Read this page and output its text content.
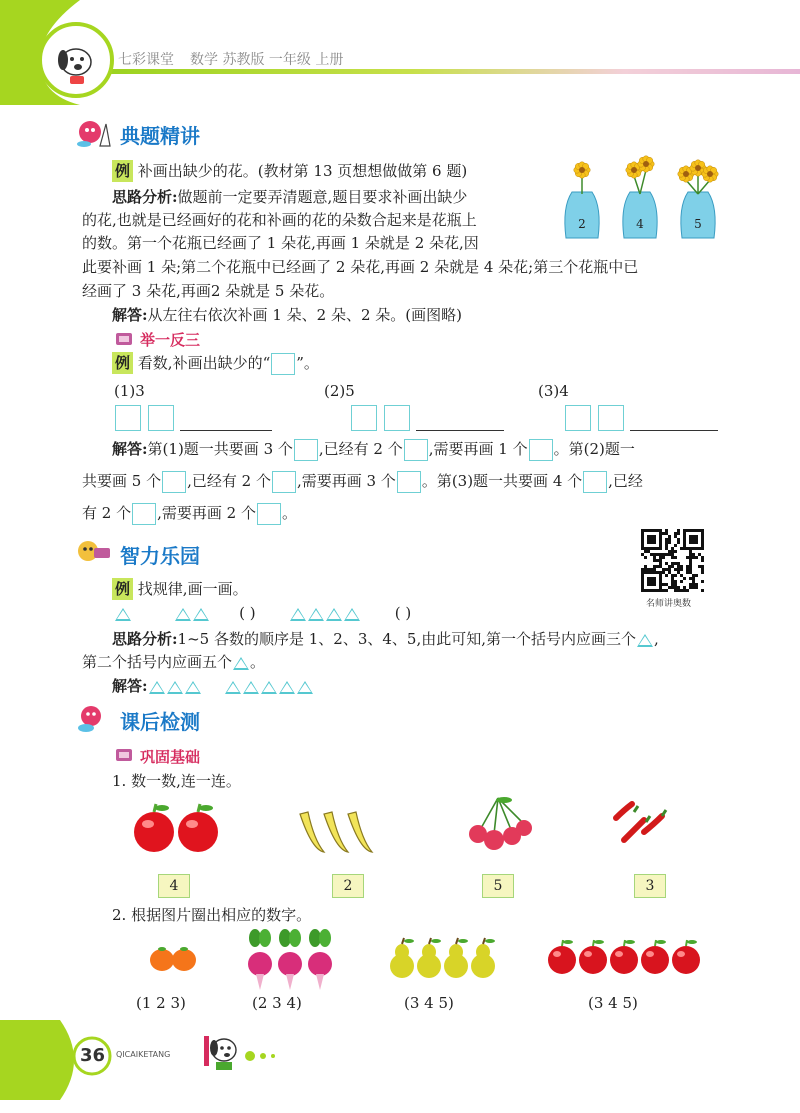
七彩课堂 数学 苏教版 一年级 上册
典题精讲
例 补画出缺少的花。(教材第 13 页想想做做第 6 题)
思路分析:做题前一定要弄清题意,题目要求补画出缺少
的花,也就是已经画好的花和补画的花的朵数合起来是花瓶上
的数。第一个花瓶已经画了 1 朵花,再画 1 朵就是 2 朵花,因
此要补画 1 朵;第二个花瓶中已经画了 2 朵花,再画 2 朵就是 4 朵花;第三个花瓶中已
经画了 3 朵花,再画2 朵就是 5 朵花。
解答:从左往右依次补画 1 朵、2 朵、2 朵。(画图略)
2	4	5
举一反三
例 看数,补画出缺少的“ ”。
(1)3	(2)5	(3)4

解答:第(1)题一共要画 3 个 ,已经有 2 个 ,需要再画 1 个 。第(2)题一
共要画 5 个 ,已经有 2 个 ,需要再画 3 个 。第(3)题一共要画 4 个 ,已经
有 2 个 ,需要再画 2 个 。
智力乐园
名师讲奥数
例 找规律,画一画。
( )	( )
思路分析:1~5 各数的顺序是 1、2、3、4、5,由此可知,第一个括号内应画三个 ,
第二个括号内应画五个 。
解答:
课后检测
巩固基础
1. 数一数,连一连。
4	2	5	3
2. 根据图片圈出相应的数字。
(1 2 3)	(2 3 4)	(3 4 5)	(3 4 5)
36 QICAIKETANG
